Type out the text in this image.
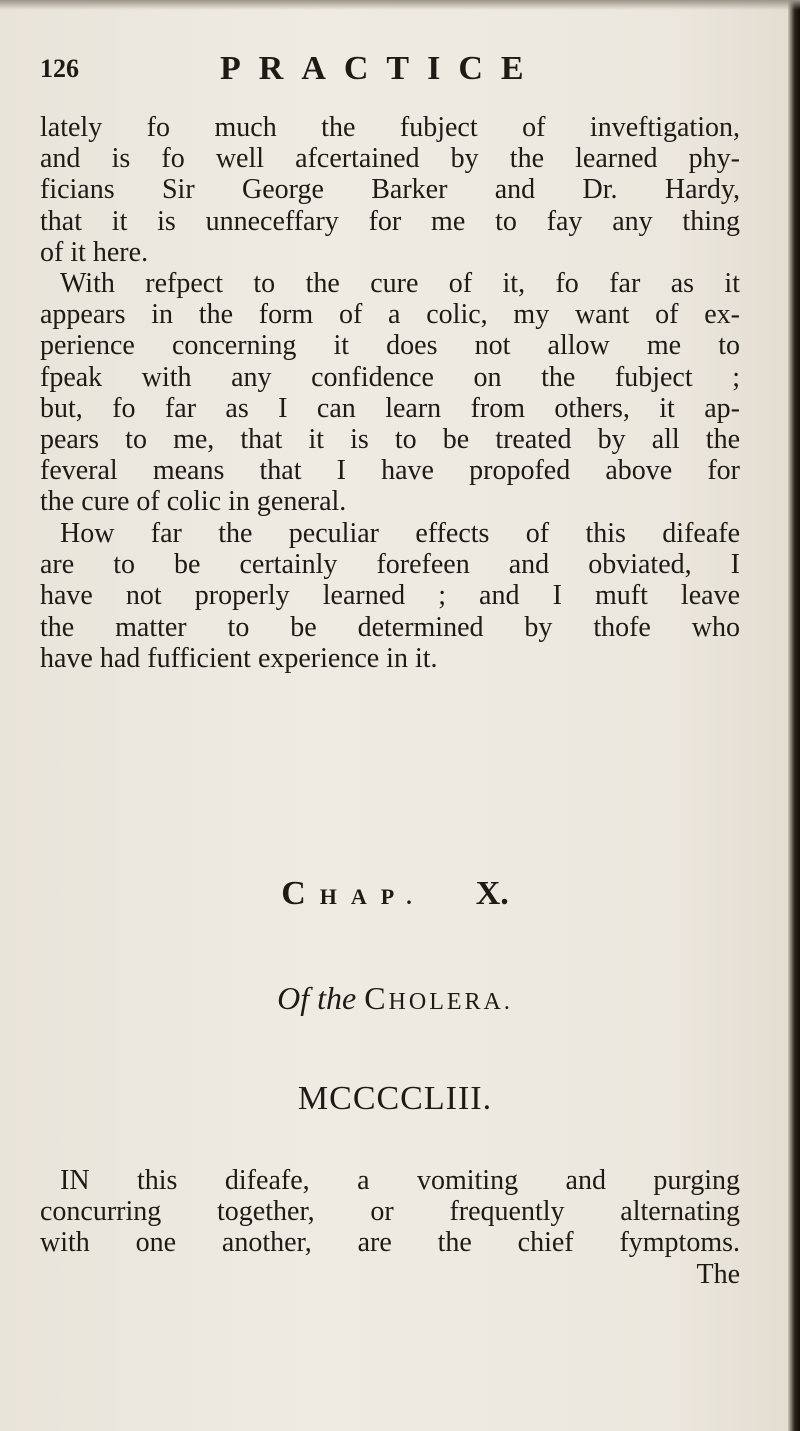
126	PRACTICE
lately fo much the fubject of inveftigation,
and is fo well afcertained by the learned phy-
ficians Sir George Barker and Dr. Hardy,
that it is unneceffary for me to fay any thing
of it here.
With refpect to the cure of it, fo far as it
appears in the form of a colic, my want of ex-
perience concerning it does not allow me to
fpeak with any confidence on the fubject ;
but, fo far as I can learn from others, it ap-
pears to me, that it is to be treated by all the
feveral means that I have propofed above for
the cure of colic in general.
How far the peculiar effects of this difeafe
are to be certainly forefeen and obviated, I
have not properly learned ; and I muft leave
the matter to be determined by thofe who
have had fufficient experience in it.
CHAP. X.
Of the CHOLERA.
MCCCCLIII.
IN this difeafe, a vomiting and purging
concurring together, or frequently alternating
with one another, are the chief fymptoms.
The
